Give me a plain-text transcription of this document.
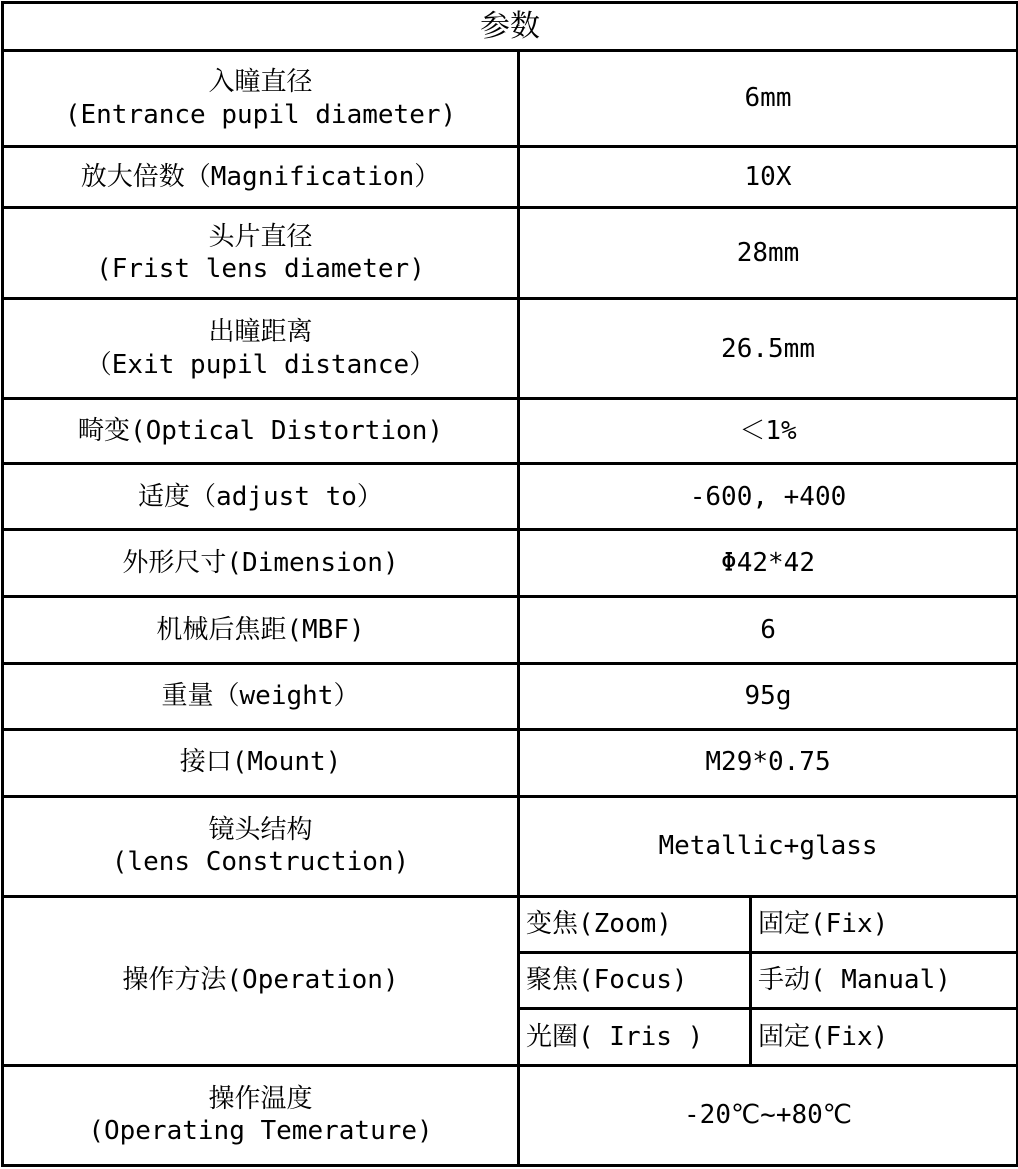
参数		

入瞳直径
(Entrance pupil diameter)	6mm	
放大倍数（Magnification）	10X	

头片直径
(Frist lens diameter)	28mm	

出瞳距离
（Exit pupil distance）	26.5mm	
畸变(Optical Distortion)	＜1%	
适度（adjust to）	-600, +400	
外形尺寸(Dimension)	Φ42*42	
机械后焦距(MBF)	6	
重量（weight）	95g	
接口(Mount)	M29*0.75	

镜头结构
(lens Construction)	Metallic+glass	
操作方法(Operation)	变焦(Zoom)	固定(Fix)
	聚焦(Focus)	手动( Manual)
	光圈( Iris )	固定(Fix)

操作温度
(Operating Temerature)	-20℃~+80℃	
